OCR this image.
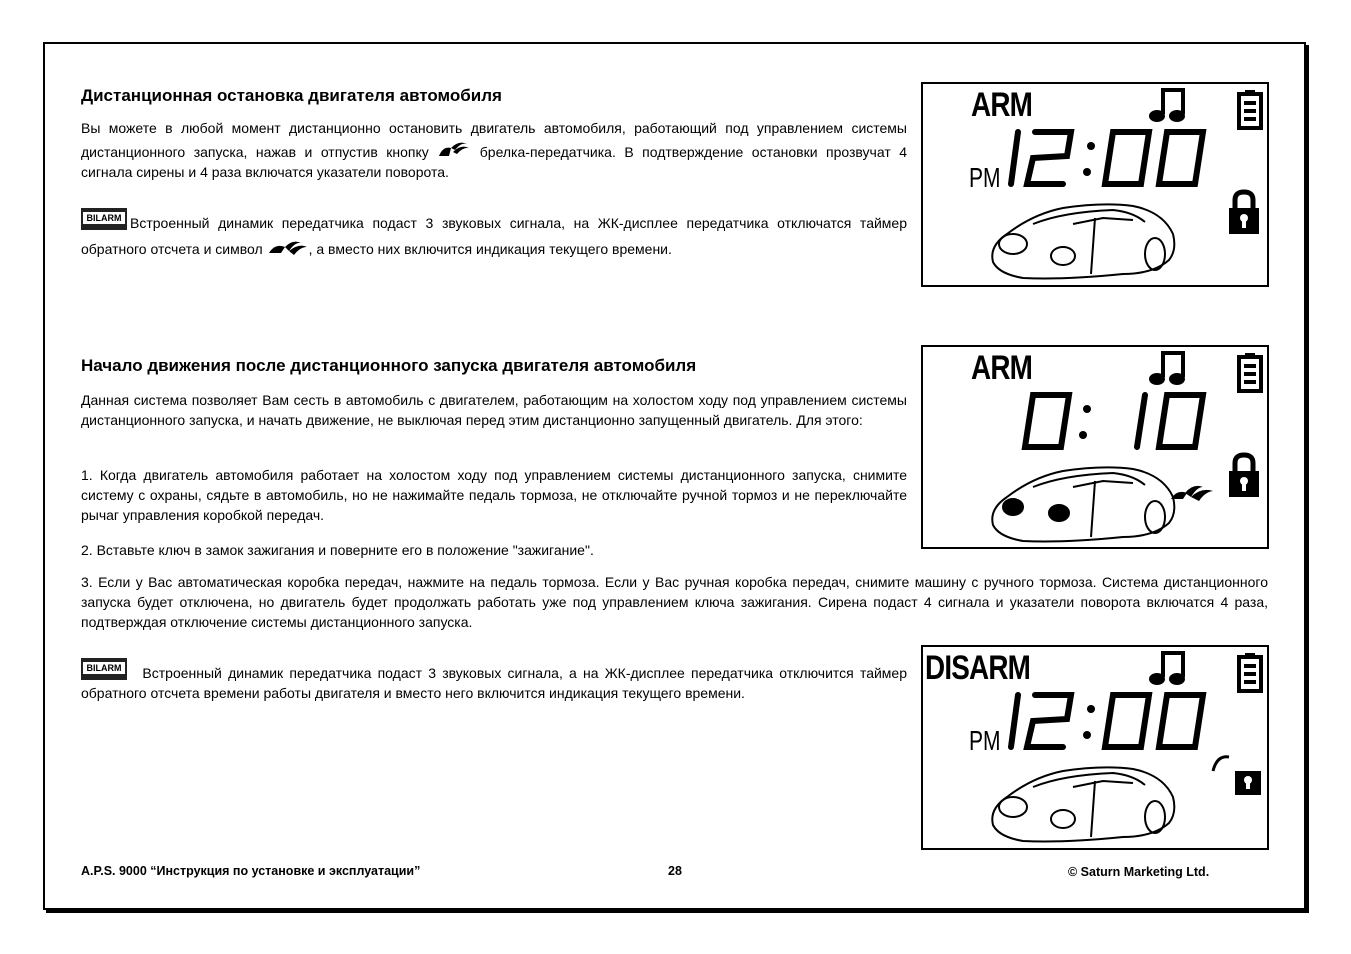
Дистанционная остановка двигателя автомобиля

Вы можете в любой момент дистанционно остановить двигатель автомобиля, работающий под управлением системы дистанционного запуска, нажав и отпустив кнопку	брелка-передатчика. В подтверждение остановки прозвучат 4 сигнала сирены и 4 раза включатся указатели поворота.

BILARM Встроенный динамик передатчика подаст 3 звуковых сигнала, на ЖК-дисплее передатчика отключатся таймер обратного отсчета и символ	, а вместо них включится индикация текущего времени.

Начало движения после дистанционного запуска двигателя автомобиля

Данная система позволяет Вам сесть в автомобиль с двигателем, работающим на холостом ходу под управлением системы дистанционного запуска, и начать движение, не выключая перед этим дистанционно запущенный двигатель. Для этого:

1. Когда двигатель автомобиля работает на холостом ходу под управлением системы дистанционного запуска, снимите систему с охраны, сядьте в автомобиль, но не нажимайте педаль тормоза, не отключайте ручной тормоз и не переключайте рычаг управления коробкой передач.

2. Вставьте ключ в замок зажигания и поверните его в положение "зажигание".

3. Если у Вас автоматическая коробка передач, нажмите на педаль тормоза. Если у Вас ручная коробка передач, снимите машину с ручного тормоза. Система дистанционного запуска будет отключена, но двигатель будет продолжать работать уже под управлением ключа зажигания. Сирена подаст 4 сигнала и указатели поворота включатся 4 раза, подтверждая отключение системы дистанционного запуска.

BILARM Встроенный динамик передатчика подаст 3 звуковых сигнала, а на ЖК-дисплее передатчика отключится таймер обратного отсчета времени работы двигателя и вместо него включится индикация текущего времени.

ARM
PM
ARM
DISARM
PM
A.P.S. 9000 “Инструкция по установке и эксплуатации”	28	© Saturn Marketing Ltd.
